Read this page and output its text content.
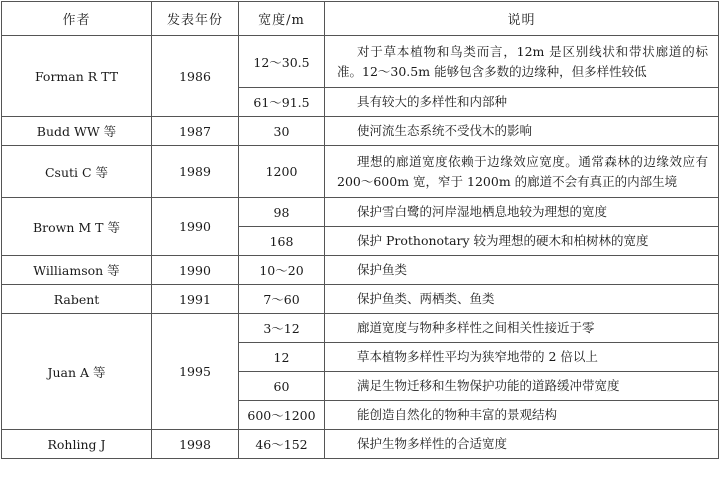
作者	发表年份	宽度/m	说明
Forman R TT	1986	12～30.5	对于草本植物和鸟类而言，12m 是区别线状和带状廊道的标准。12～30.5m 能够包含多数的边缘种，但多样性较低
		61～91.5	具有较大的多样性和内部种
Budd WW 等	1987	30	使河流生态系统不受伐木的影响
Csuti C 等	1989	1200	理想的廊道宽度依赖于边缘效应宽度。通常森林的边缘效应有 200～600m 宽，窄于 1200m 的廊道不会有真正的内部生境
Brown M T 等	1990	98	保护雪白鹭的河岸湿地栖息地较为理想的宽度
		168	保护 Prothonotary 较为理想的硬木和柏树林的宽度
Williamson 等	1990	10～20	保护鱼类
Rabent	1991	7～60	保护鱼类、两栖类、鱼类
Juan A 等	1995	3～12	廊道宽度与物种多样性之间相关性接近于零
		12	草本植物多样性平均为狭窄地带的 2 倍以上
		60	满足生物迁移和生物保护功能的道路缓冲带宽度
		600～1200	能创造自然化的物种丰富的景观结构
Rohling J	1998	46～152	保护生物多样性的合适宽度
